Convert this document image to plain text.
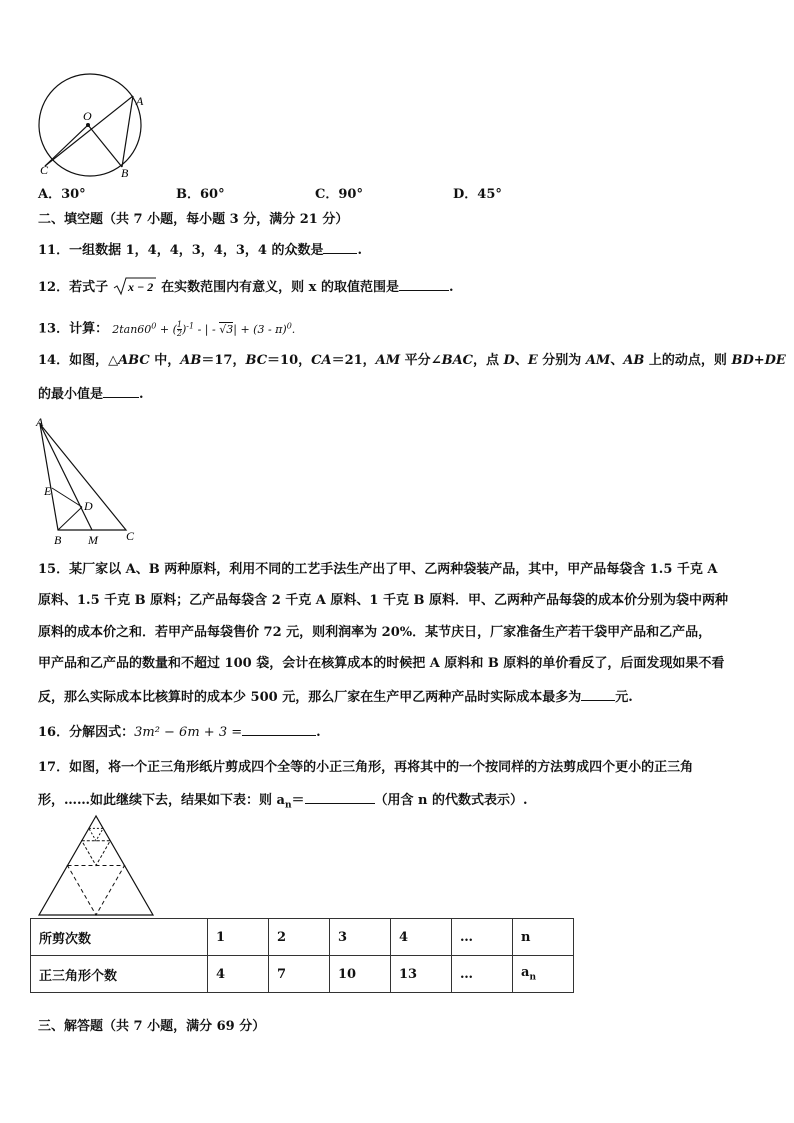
O
A
B
C
A．30°	B．60°	C．90°	D．45°
二、填空题（共 7 小题，每小题 3 分，满分 21 分）
11．一组数据 1，4，4，3，4，3，4 的众数是	.
12．若式子 x − 2 在实数范围内有意义，则 x 的取值范围是	.
13．计算： $2\tan 60^0$ + ( $\frac{1}{2} )^{-1}$ - | - √3| + (3 - π)$^0$.
14．如图，△ABC 中，AB＝17，BC＝10，CA＝21，AM 平分∠BAC，点 D、E 分别为 AM、AB 上的动点，则 BD+DE
的最小值是	.
A
E
D
B M C
15．某厂家以 A、B 两种原料，利用不同的工艺手法生产出了甲、乙两种袋装产品，其中，甲产品每袋含 1.5 千克 A
原料、1.5 千克 B 原料；乙产品每袋含 2 千克 A 原料、1 千克 B 原料．甲、乙两种产品每袋的成本价分别为袋中两种
原料的成本价之和．若甲产品每袋售价 72 元，则利润率为 20%．某节庆日，厂家准备生产若干袋甲产品和乙产品，
甲产品和乙产品的数量和不超过 100 袋，会计在核算成本的时候把 A 原料和 B 原料的单价看反了，后面发现如果不看
反，那么实际成本比核算时的成本少 500 元，那么厂家在生产甲乙两种产品时实际成本最多为	元.
16．分解因式：3m² − 6m + 3 =	.
17．如图，将一个正三角形纸片剪成四个全等的小正三角形，再将其中的一个按同样的方法剪成四个更小的正三角
形，……如此继续下去，结果如下表：则 $a_n=$	（用含 n 的代数式表示）.
所剪次数	1	2	3	4	…	n
正三角形个数	4	7	10	13	…	$a_n$
三、解答题（共 7 小题，满分 69 分）
